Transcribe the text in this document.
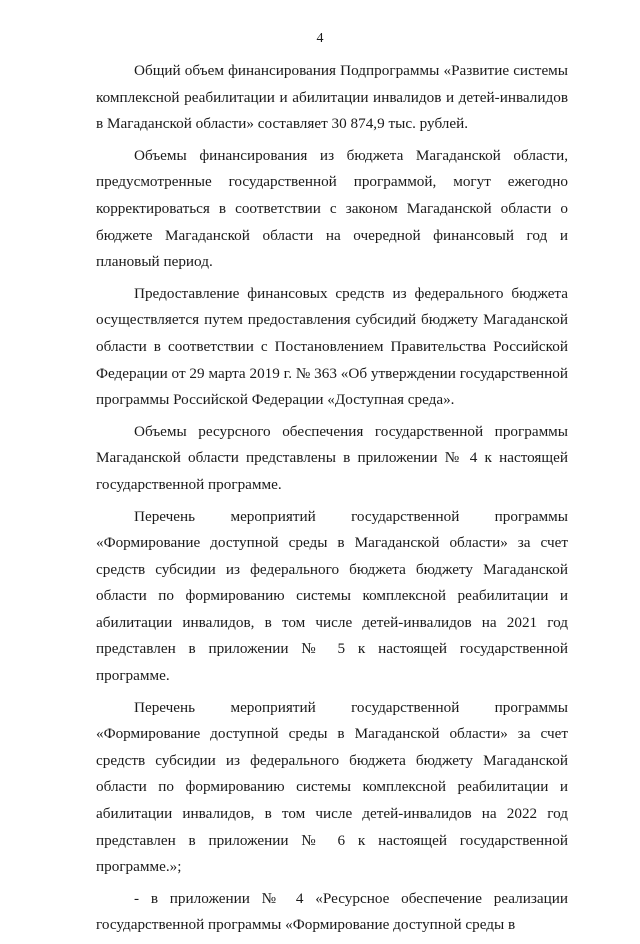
4

Общий объем финансирования Подпрограммы «Развитие системы комплексной реабилитации и абилитации инвалидов и детей-инвалидов в Магаданской области» составляет 30 874,9 тыс. рублей.

Объемы финансирования из бюджета Магаданской области, предусмотренные государственной программой, могут ежегодно корректироваться в соответствии с законом Магаданской области о бюджете Магаданской области на очередной финансовый год и плановый период.

Предоставление финансовых средств из федерального бюджета осуществляется путем предоставления субсидий бюджету Магаданской области в соответствии с Постановлением Правительства Российской Федерации от 29 марта 2019 г. № 363 «Об утверждении государственной программы Российской Федерации «Доступная среда».

Объемы ресурсного обеспечения государственной программы Магаданской области представлены в приложении № 4 к настоящей государственной программе.

Перечень мероприятий государственной программы «Формирование доступной среды в Магаданской области» за счет средств субсидии из федерального бюджета бюджету Магаданской области по формированию системы комплексной реабилитации и абилитации инвалидов, в том числе детей-инвалидов на 2021 год представлен в приложении № 5 к настоящей государственной программе.

Перечень мероприятий государственной программы «Формирование доступной среды в Магаданской области» за счет средств субсидии из федерального бюджета бюджету Магаданской области по формированию системы комплексной реабилитации и абилитации инвалидов, в том числе детей-инвалидов на 2022 год представлен в приложении № 6 к настоящей государственной программе.»;

- в приложении № 4 «Ресурсное обеспечение реализации государственной программы «Формирование доступной среды в
